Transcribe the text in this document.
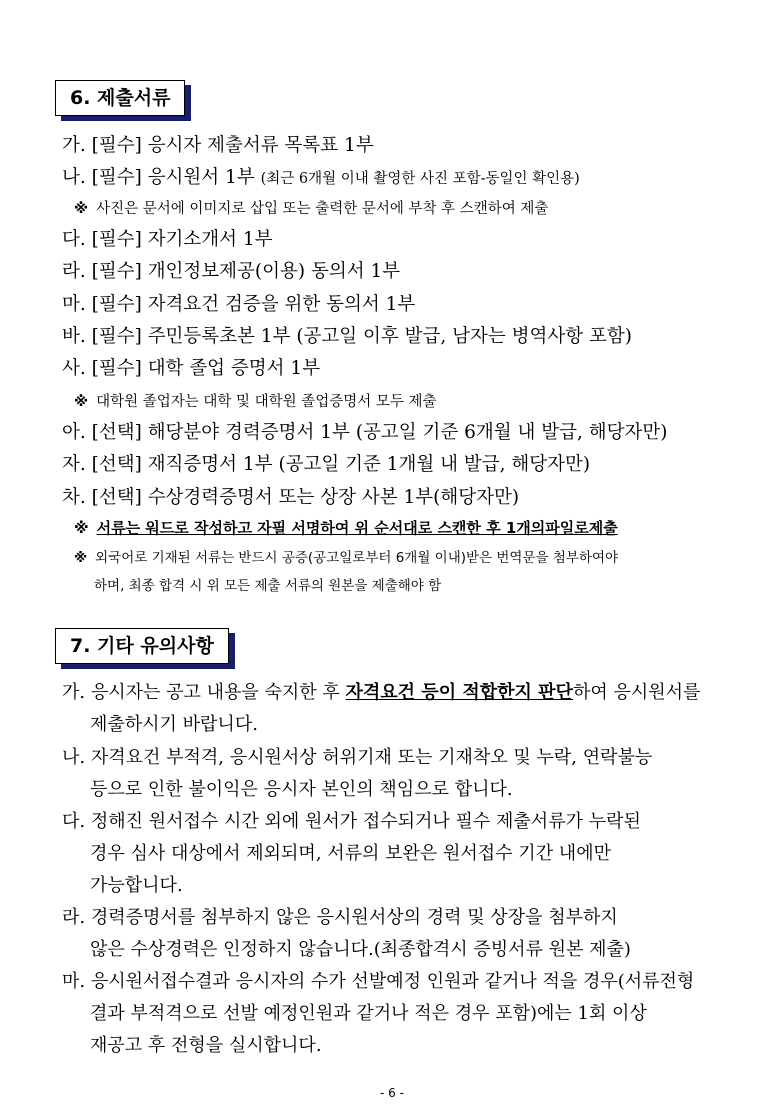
6. 제출서류
가. [필수] 응시자 제출서류 목록표 1부
나. [필수] 응시원서 1부 (최근 6개월 이내 촬영한 사진 포함-동일인 확인용)
※ 사진은 문서에 이미지로 삽입 또는 출력한 문서에 부착 후 스캔하여 제출
다. [필수] 자기소개서 1부
라. [필수] 개인정보제공(이용) 동의서 1부
마. [필수] 자격요건 검증을 위한 동의서 1부
바. [필수] 주민등록초본 1부 (공고일 이후 발급, 남자는 병역사항 포함)
사. [필수] 대학 졸업 증명서 1부
※ 대학원 졸업자는 대학 및 대학원 졸업증명서 모두 제출
아. [선택] 해당분야 경력증명서 1부 (공고일 기준 6개월 내 발급, 해당자만)
자. [선택] 재직증명서 1부 (공고일 기준 1개월 내 발급, 해당자만)
차. [선택] 수상경력증명서 또는 상장 사본 1부(해당자만)
※ 서류는 워드로 작성하고 자필 서명하여 위 순서대로 스캔한 후 1개의파일로제출
※ 외국어로 기재된 서류는 반드시 공증(공고일로부터 6개월 이내)받은 번역문을 첨부하여야
하며, 최종 합격 시 위 모든 제출 서류의 원본을 제출해야 함
7. 기타 유의사항
가. 응시자는 공고 내용을 숙지한 후 자격요건 등이 적합한지 판단하여 응시원서를
제출하시기 바랍니다.
나. 자격요건 부적격, 응시원서상 허위기재 또는 기재착오 및 누락, 연락불능
등으로 인한 불이익은 응시자 본인의 책임으로 합니다.
다. 정해진 원서접수 시간 외에 원서가 접수되거나 필수 제출서류가 누락된
경우 심사 대상에서 제외되며, 서류의 보완은 원서접수 기간 내에만
가능합니다.
라. 경력증명서를 첨부하지 않은 응시원서상의 경력 및 상장을 첨부하지
않은 수상경력은 인정하지 않습니다.(최종합격시 증빙서류 원본 제출)
마. 응시원서접수결과 응시자의 수가 선발예정 인원과 같거나 적을 경우(서류전형
결과 부적격으로 선발 예정인원과 같거나 적은 경우 포함)에는 1회 이상
재공고 후 전형을 실시합니다.
- 6 -
